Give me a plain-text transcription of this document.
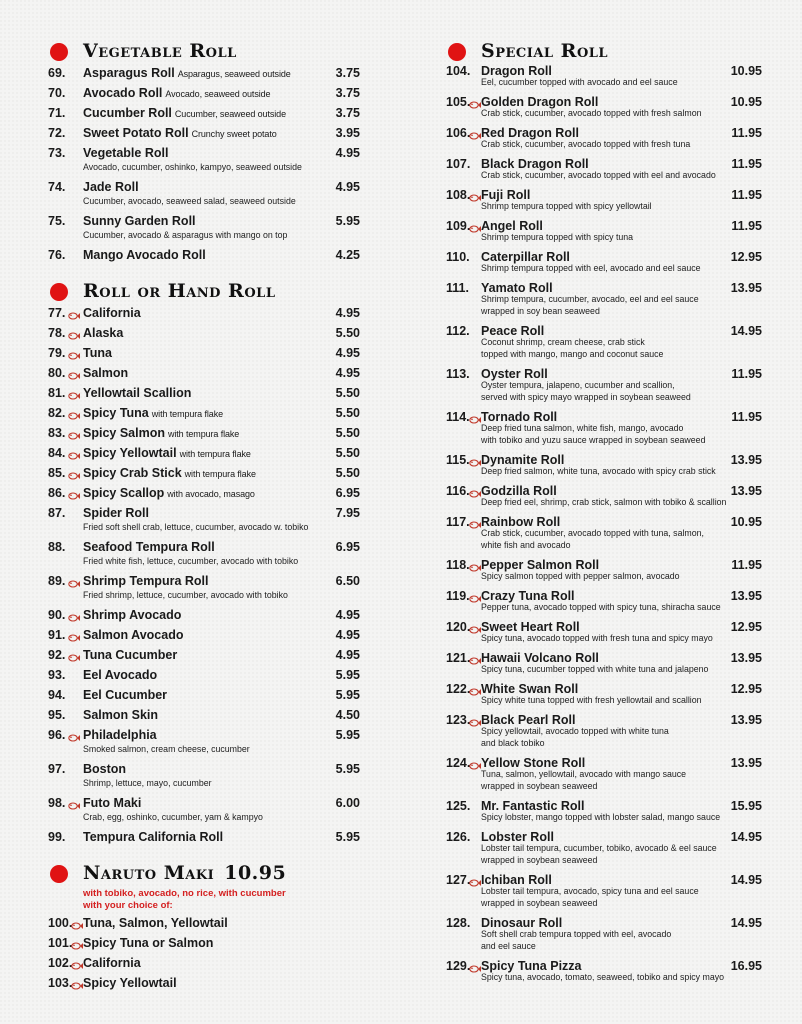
Vegetable Roll
69. Asparagus Roll Asparagus, seaweed outside	3.75
70. Avocado Roll Avocado, seaweed outside	3.75
71. Cucumber Roll Cucumber, seaweed outside	3.75
72. Sweet Potato Roll Crunchy sweet potato	3.95
73. Vegetable Roll	4.95
Avocado, cucumber, oshinko, kampyo, seaweed outside
74. Jade Roll	4.95
Cucumber, avocado, seaweed salad, seaweed outside
75. Sunny Garden Roll	5.95
Cucumber, avocado & asparagus with mango on top
76. Mango Avocado Roll	4.25
Roll or Hand Roll
77. California	4.95
78. Alaska	5.50
79. Tuna	4.95
80. Salmon	4.95
81. Yellowtail Scallion	5.50
82. Spicy Tuna with tempura flake	5.50
83. Spicy Salmon with tempura flake	5.50
84. Spicy Yellowtail with tempura flake	5.50
85. Spicy Crab Stick with tempura flake	5.50
86. Spicy Scallop with avocado, masago	6.95
87. Spider Roll	7.95
Fried soft shell crab, lettuce, cucumber, avocado w. tobiko
88. Seafood Tempura Roll	6.95
Fried white fish, lettuce, cucumber, avocado with tobiko
89. Shrimp Tempura Roll	6.50
Fried shrimp, lettuce, cucumber, avocado with tobiko
90. Shrimp Avocado	4.95
91. Salmon Avocado	4.95
92. Tuna Cucumber	4.95
93. Eel Avocado	5.95
94. Eel Cucumber	5.95
95. Salmon Skin	4.50
96. Philadelphia	5.95
Smoked salmon, cream cheese, cucumber
97. Boston	5.95
Shrimp, lettuce, mayo, cucumber
98. Futo Maki	6.00
Crab, egg, oshinko, cucumber, yam & kampyo
99. Tempura California Roll	5.95
Naruto Maki 10.95
with tobiko, avocado, no rice, with cucumber
with your choice of:
100. Tuna, Salmon, Yellowtail
101. Spicy Tuna or Salmon
102. California
103. Spicy Yellowtail
Special Roll
104. Dragon Roll	10.95
Eel, cucumber topped with avocado and eel sauce
105. Golden Dragon Roll	10.95
Crab stick, cucumber, avocado topped with fresh salmon
106. Red Dragon Roll	11.95
Crab stick, cucumber, avocado topped with fresh tuna
107. Black Dragon Roll	11.95
Crab stick, cucumber, avocado topped with eel and avocado
108. Fuji Roll	11.95
Shrimp tempura topped with spicy yellowtail
109. Angel Roll	11.95
Shrimp tempura topped with spicy tuna
110. Caterpillar Roll	12.95
Shrimp tempura topped with eel, avocado and eel sauce
111. Yamato Roll	13.95
Shrimp tempura, cucumber, avocado, eel and eel sauce
wrapped in soy bean seaweed
112. Peace Roll	14.95
Coconut shrimp, cream cheese, crab stick
topped with mango, mango and coconut sauce
113. Oyster Roll	11.95
Oyster tempura, jalapeno, cucumber and scallion,
served with spicy mayo wrapped in soybean seaweed
114. Tornado Roll	11.95
Deep fried tuna salmon, white fish, mango, avocado
with tobiko and yuzu sauce wrapped in soybean seaweed
115. Dynamite Roll	13.95
Deep fried salmon, white tuna, avocado with spicy crab stick
116. Godzilla Roll	13.95
Deep fried eel, shrimp, crab stick, salmon with tobiko & scallion
117. Rainbow Roll	10.95
Crab stick, cucumber, avocado topped with tuna, salmon,
white fish and avocado
118. Pepper Salmon Roll	11.95
Spicy salmon topped with pepper salmon, avocado
119. Crazy Tuna Roll	13.95
Pepper tuna, avocado topped with spicy tuna, shiracha sauce
120. Sweet Heart Roll	12.95
Spicy tuna, avocado topped with fresh tuna and spicy mayo
121. Hawaii Volcano Roll	13.95
Spicy tuna, cucumber topped with white tuna and jalapeno
122. White Swan Roll	12.95
Spicy white tuna topped with fresh yellowtail and scallion
123. Black Pearl Roll	13.95
Spicy yellowtail, avocado topped with white tuna
and black tobiko
124. Yellow Stone Roll	13.95
Tuna, salmon, yellowtail, avocado with mango sauce
wrapped in soybean seaweed
125. Mr. Fantastic Roll	15.95
Spicy lobster, mango topped with lobster salad, mango sauce
126. Lobster Roll	14.95
Lobster tail tempura, cucumber, tobiko, avocado & eel sauce
wrapped in soybean seaweed
127. Ichiban Roll	14.95
Lobster tail tempura, avocado, spicy tuna and eel sauce
wrapped in soybean seaweed
128. Dinosaur Roll	14.95
Soft shell crab tempura topped with eel, avocado
and eel sauce
129. Spicy Tuna Pizza	16.95
Spicy tuna, avocado, tomato, seaweed, tobiko and spicy mayo
